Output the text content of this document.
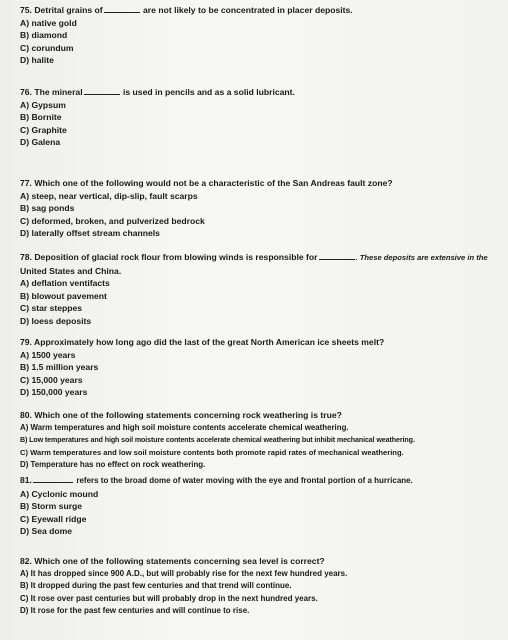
75. Detrital grains of	are not likely to be concentrated in placer deposits.
A) native gold
B) diamond
C) corundum
D) halite
76. The mineral	is used in pencils and as a solid lubricant.
A) Gypsum
B) Bornite
C) Graphite
D) Galena
77. Which one of the following would not be a characteristic of the San Andreas fault zone?
A) steep, near vertical, dip-slip, fault scarps
B) sag ponds
C) deformed, broken, and pulverized bedrock
D) laterally offset stream channels
78. Deposition of glacial rock flour from blowing winds is responsible for	. These deposits are extensive in the
United States and China.
A) deflation ventifacts
B) blowout pavement
C) star steppes
D) loess deposits
79. Approximately how long ago did the last of the great North American ice sheets melt?
A) 1500 years
B) 1.5 million years
C) 15,000 years
D) 150,000 years
80. Which one of the following statements concerning rock weathering is true?
A) Warm temperatures and high soil moisture contents accelerate chemical weathering.
B) Low temperatures and high soil moisture contents accelerate chemical weathering but inhibit mechanical weathering.
C) Warm temperatures and low soil moisture contents both promote rapid rates of mechanical weathering.
D) Temperature has no effect on rock weathering.
81.	refers to the broad dome of water moving with the eye and frontal portion of a hurricane.
A) Cyclonic mound
B) Storm surge
C) Eyewall ridge
D) Sea dome
82. Which one of the following statements concerning sea level is correct?
A) It has dropped since 900 A.D., but will probably rise for the next few hundred years.
B) It dropped during the past few centuries and that trend will continue.
C) It rose over past centuries but will probably drop in the next hundred years.
D) It rose for the past few centuries and will continue to rise.
